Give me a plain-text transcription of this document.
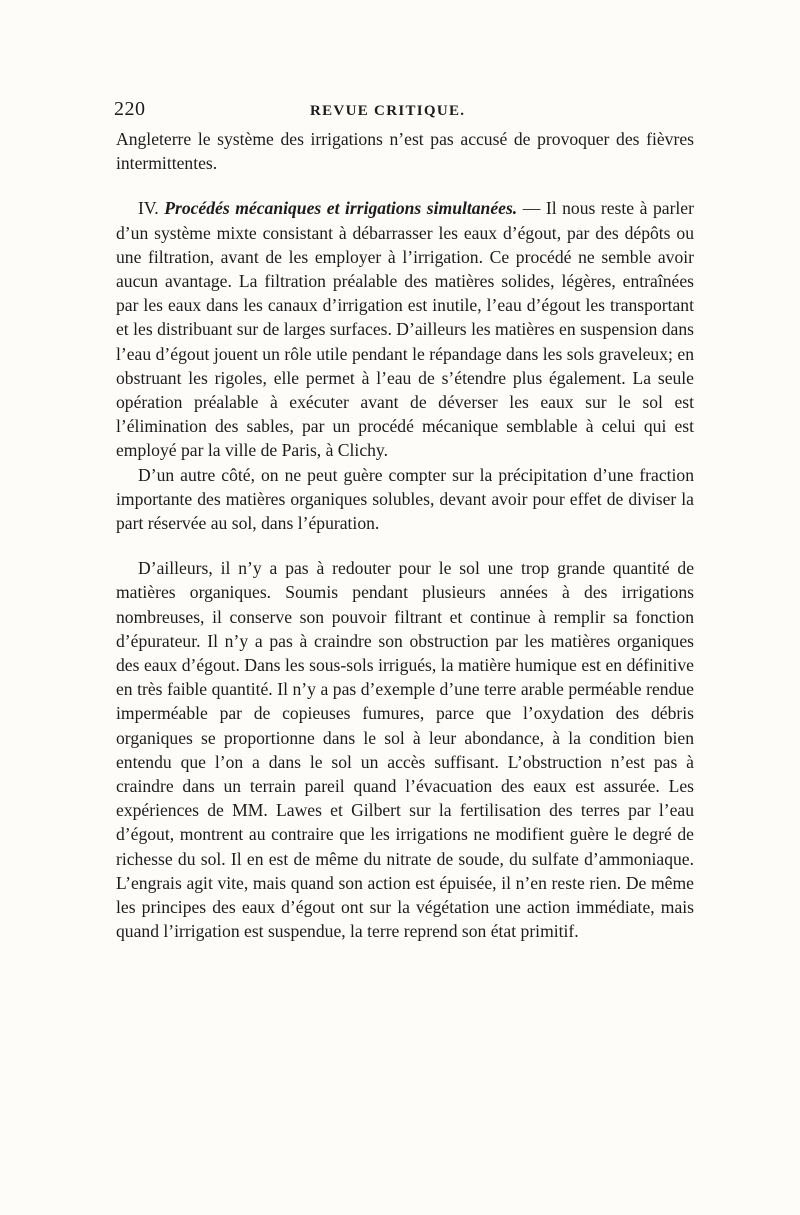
220	REVUE CRITIQUE.

Angleterre le système des irrigations n’est pas accusé de provoquer des fièvres intermittentes.

IV. Procédés mécaniques et irrigations simultanées. — Il nous reste à parler d’un système mixte consistant à débarrasser les eaux d’égout, par des dépôts ou une filtration, avant de les employer à l’irrigation. Ce procédé ne semble avoir aucun avantage. La filtration préalable des matières solides, légères, entraînées par les eaux dans les canaux d’irrigation est inutile, l’eau d’égout les transportant et les distribuant sur de larges surfaces. D’ailleurs les matières en suspension dans l’eau d’égout jouent un rôle utile pendant le répandage dans les sols graveleux; en obstruant les rigoles, elle permet à l’eau de s’étendre plus également. La seule opération préalable à exécuter avant de déverser les eaux sur le sol est l’élimination des sables, par un procédé mécanique semblable à celui qui est employé par la ville de Paris, à Clichy.

D’un autre côté, on ne peut guère compter sur la précipitation d’une fraction importante des matières organiques solubles, devant avoir pour effet de diviser la part réservée au sol, dans l’épuration.

D’ailleurs, il n’y a pas à redouter pour le sol une trop grande quantité de matières organiques. Soumis pendant plusieurs années à des irrigations nombreuses, il conserve son pouvoir filtrant et continue à remplir sa fonction d’épurateur. Il n’y a pas à craindre son obstruction par les matières organiques des eaux d’égout. Dans les sous-sols irrigués, la matière humique est en définitive en très faible quantité. Il n’y a pas d’exemple d’une terre arable perméable rendue imperméable par de copieuses fumures, parce que l’oxydation des débris organiques se proportionne dans le sol à leur abondance, à la condition bien entendu que l’on a dans le sol un accès suffisant. L’obstruction n’est pas à craindre dans un terrain pareil quand l’évacuation des eaux est assurée. Les expériences de MM. Lawes et Gilbert sur la fertilisation des terres par l’eau d’égout, montrent au contraire que les irrigations ne modifient guère le degré de richesse du sol. Il en est de même du nitrate de soude, du sulfate d’ammoniaque. L’engrais agit vite, mais quand son action est épuisée, il n’en reste rien. De même les principes des eaux d’égout ont sur la végétation une action immédiate, mais quand l’irrigation est suspendue, la terre reprend son état primitif.
